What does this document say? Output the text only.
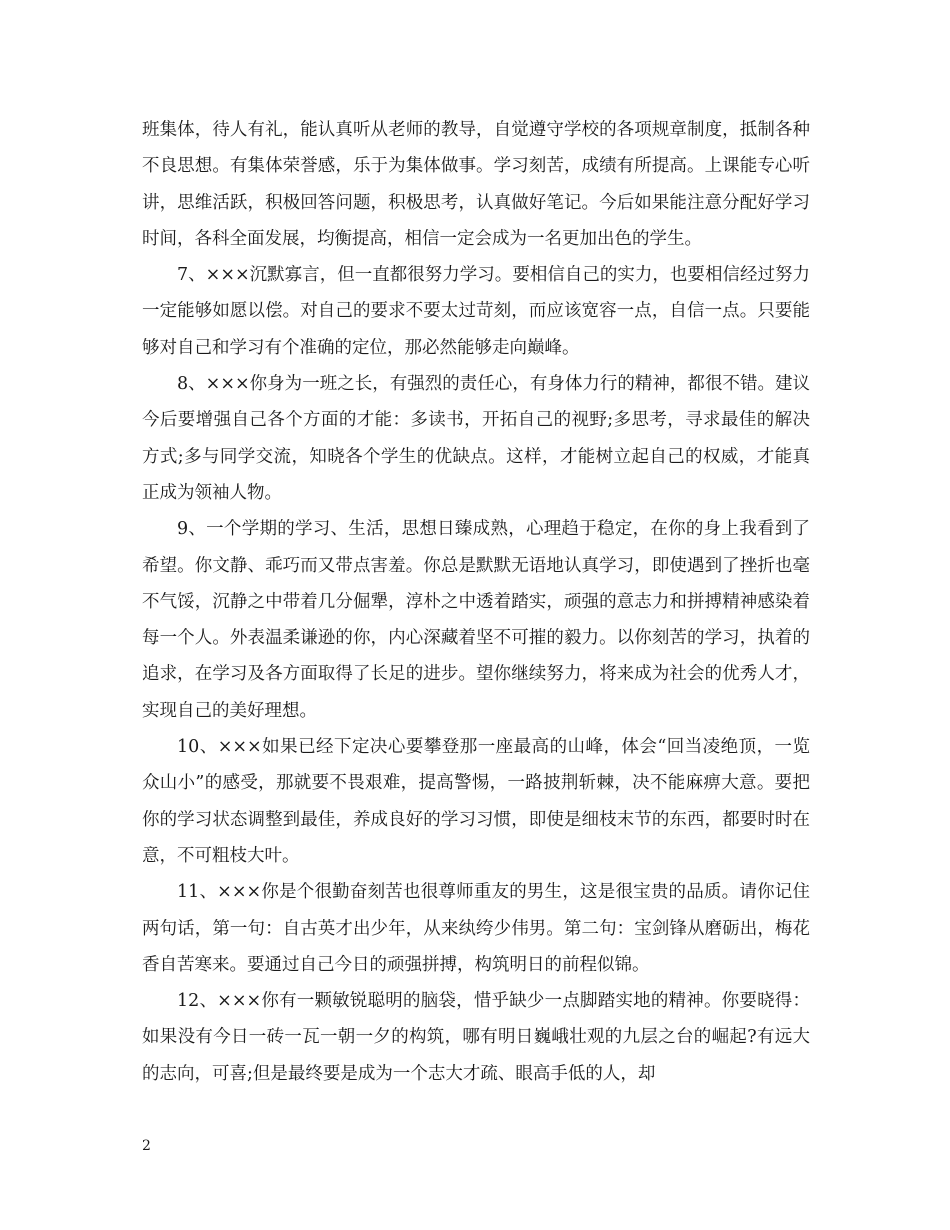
班集体，待人有礼，能认真听从老师的教导，自觉遵守学校的各项规章制度，抵制各种不良思想。有集体荣誉感，乐于为集体做事。学习刻苦，成绩有所提高。上课能专心听讲，思维活跃，积极回答问题，积极思考，认真做好笔记。今后如果能注意分配好学习时间，各科全面发展，均衡提高，相信一定会成为一名更加出色的学生。

7、×××沉默寡言，但一直都很努力学习。要相信自己的实力，也要相信经过努力一定能够如愿以偿。对自己的要求不要太过苛刻，而应该宽容一点，自信一点。只要能够对自己和学习有个准确的定位，那必然能够走向巅峰。

8、×××你身为一班之长，有强烈的责任心，有身体力行的精神，都很不错。建议今后要增强自己各个方面的才能：多读书，开拓自己的视野;多思考，寻求最佳的解决方式;多与同学交流，知晓各个学生的优缺点。这样，才能树立起自己的权威，才能真正成为领袖人物。

9、一个学期的学习、生活，思想日臻成熟，心理趋于稳定，在你的身上我看到了希望。你文静、乖巧而又带点害羞。你总是默默无语地认真学习，即使遇到了挫折也毫不气馁，沉静之中带着几分倔犟，淳朴之中透着踏实，顽强的意志力和拼搏精神感染着每一个人。外表温柔谦逊的你，内心深藏着坚不可摧的毅力。以你刻苦的学习，执着的追求，在学习及各方面取得了长足的进步。望你继续努力，将来成为社会的优秀人才，实现自己的美好理想。

10、×××如果已经下定决心要攀登那一座最高的山峰，体会“回当凌绝顶，一览众山小”的感受，那就要不畏艰难，提高警惕，一路披荆斩棘，决不能麻痹大意。要把你的学习状态调整到最佳，养成良好的学习习惯，即使是细枝末节的东西，都要时时在意，不可粗枝大叶。

11、×××你是个很勤奋刻苦也很尊师重友的男生，这是很宝贵的品质。请你记住两句话，第一句：自古英才出少年，从来纨绔少伟男。第二句：宝剑锋从磨砺出，梅花香自苦寒来。要通过自己今日的顽强拼搏，构筑明日的前程似锦。

12、×××你有一颗敏锐聪明的脑袋，惜乎缺少一点脚踏实地的精神。你要晓得：如果没有今日一砖一瓦一朝一夕的构筑，哪有明日巍峨壮观的九层之台的崛起?有远大的志向，可喜;但是最终要是成为一个志大才疏、眼高手低的人，却

2
